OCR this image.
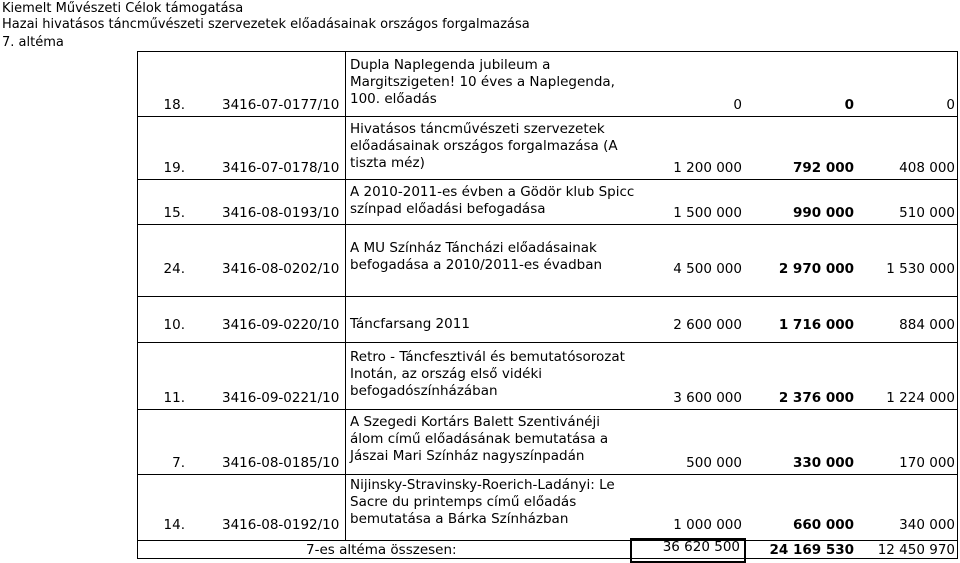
Kiemelt Művészeti Célok támogatása
Hazai hivatásos táncművészeti szervezetek előadásainak országos forgalmazása
7. altéma
18.	3416-07-0177/10
Dupla Naplegenda jubileum a
Margitszigeten! 10 éves a Naplegenda,
100. előadás	0	0	0
19.	3416-07-0178/10
Hivatásos táncművészeti szervezetek
előadásainak országos forgalmazása (A
tiszta méz)	1 200 000	792 000	408 000
15.	3416-08-0193/10
A 2010-2011-es évben a Gödör klub Spicc
színpad előadási befogadása	1 500 000	990 000	510 000
24.	3416-08-0202/10
A MU Színház Táncházi előadásainak
befogadása a 2010/2011-es évadban	4 500 000	2 970 000	1 530 000
10.	3416-09-0220/10 Táncfarsang 2011	2 600 000	1 716 000	884 000
11.	3416-09-0221/10
Retro - Táncfesztivál és bemutatósorozat
Inotán, az ország első vidéki
befogadószínházában	3 600 000	2 376 000	1 224 000
7.	3416-08-0185/10
A Szegedi Kortárs Balett Szentivánéji
álom című előadásának bemutatása a
Jászai Mari Színház nagyszínpadán	500 000	330 000	170 000
14.	3416-08-0192/10
Nijinsky-Stravinsky-Roerich-Ladányi: Le
Sacre du printemps című előadás
bemutatása a Bárka Színházban	1 000 000	660 000	340 000
7-es altéma összesen:	36 620 500	24 169 530	12 450 970
